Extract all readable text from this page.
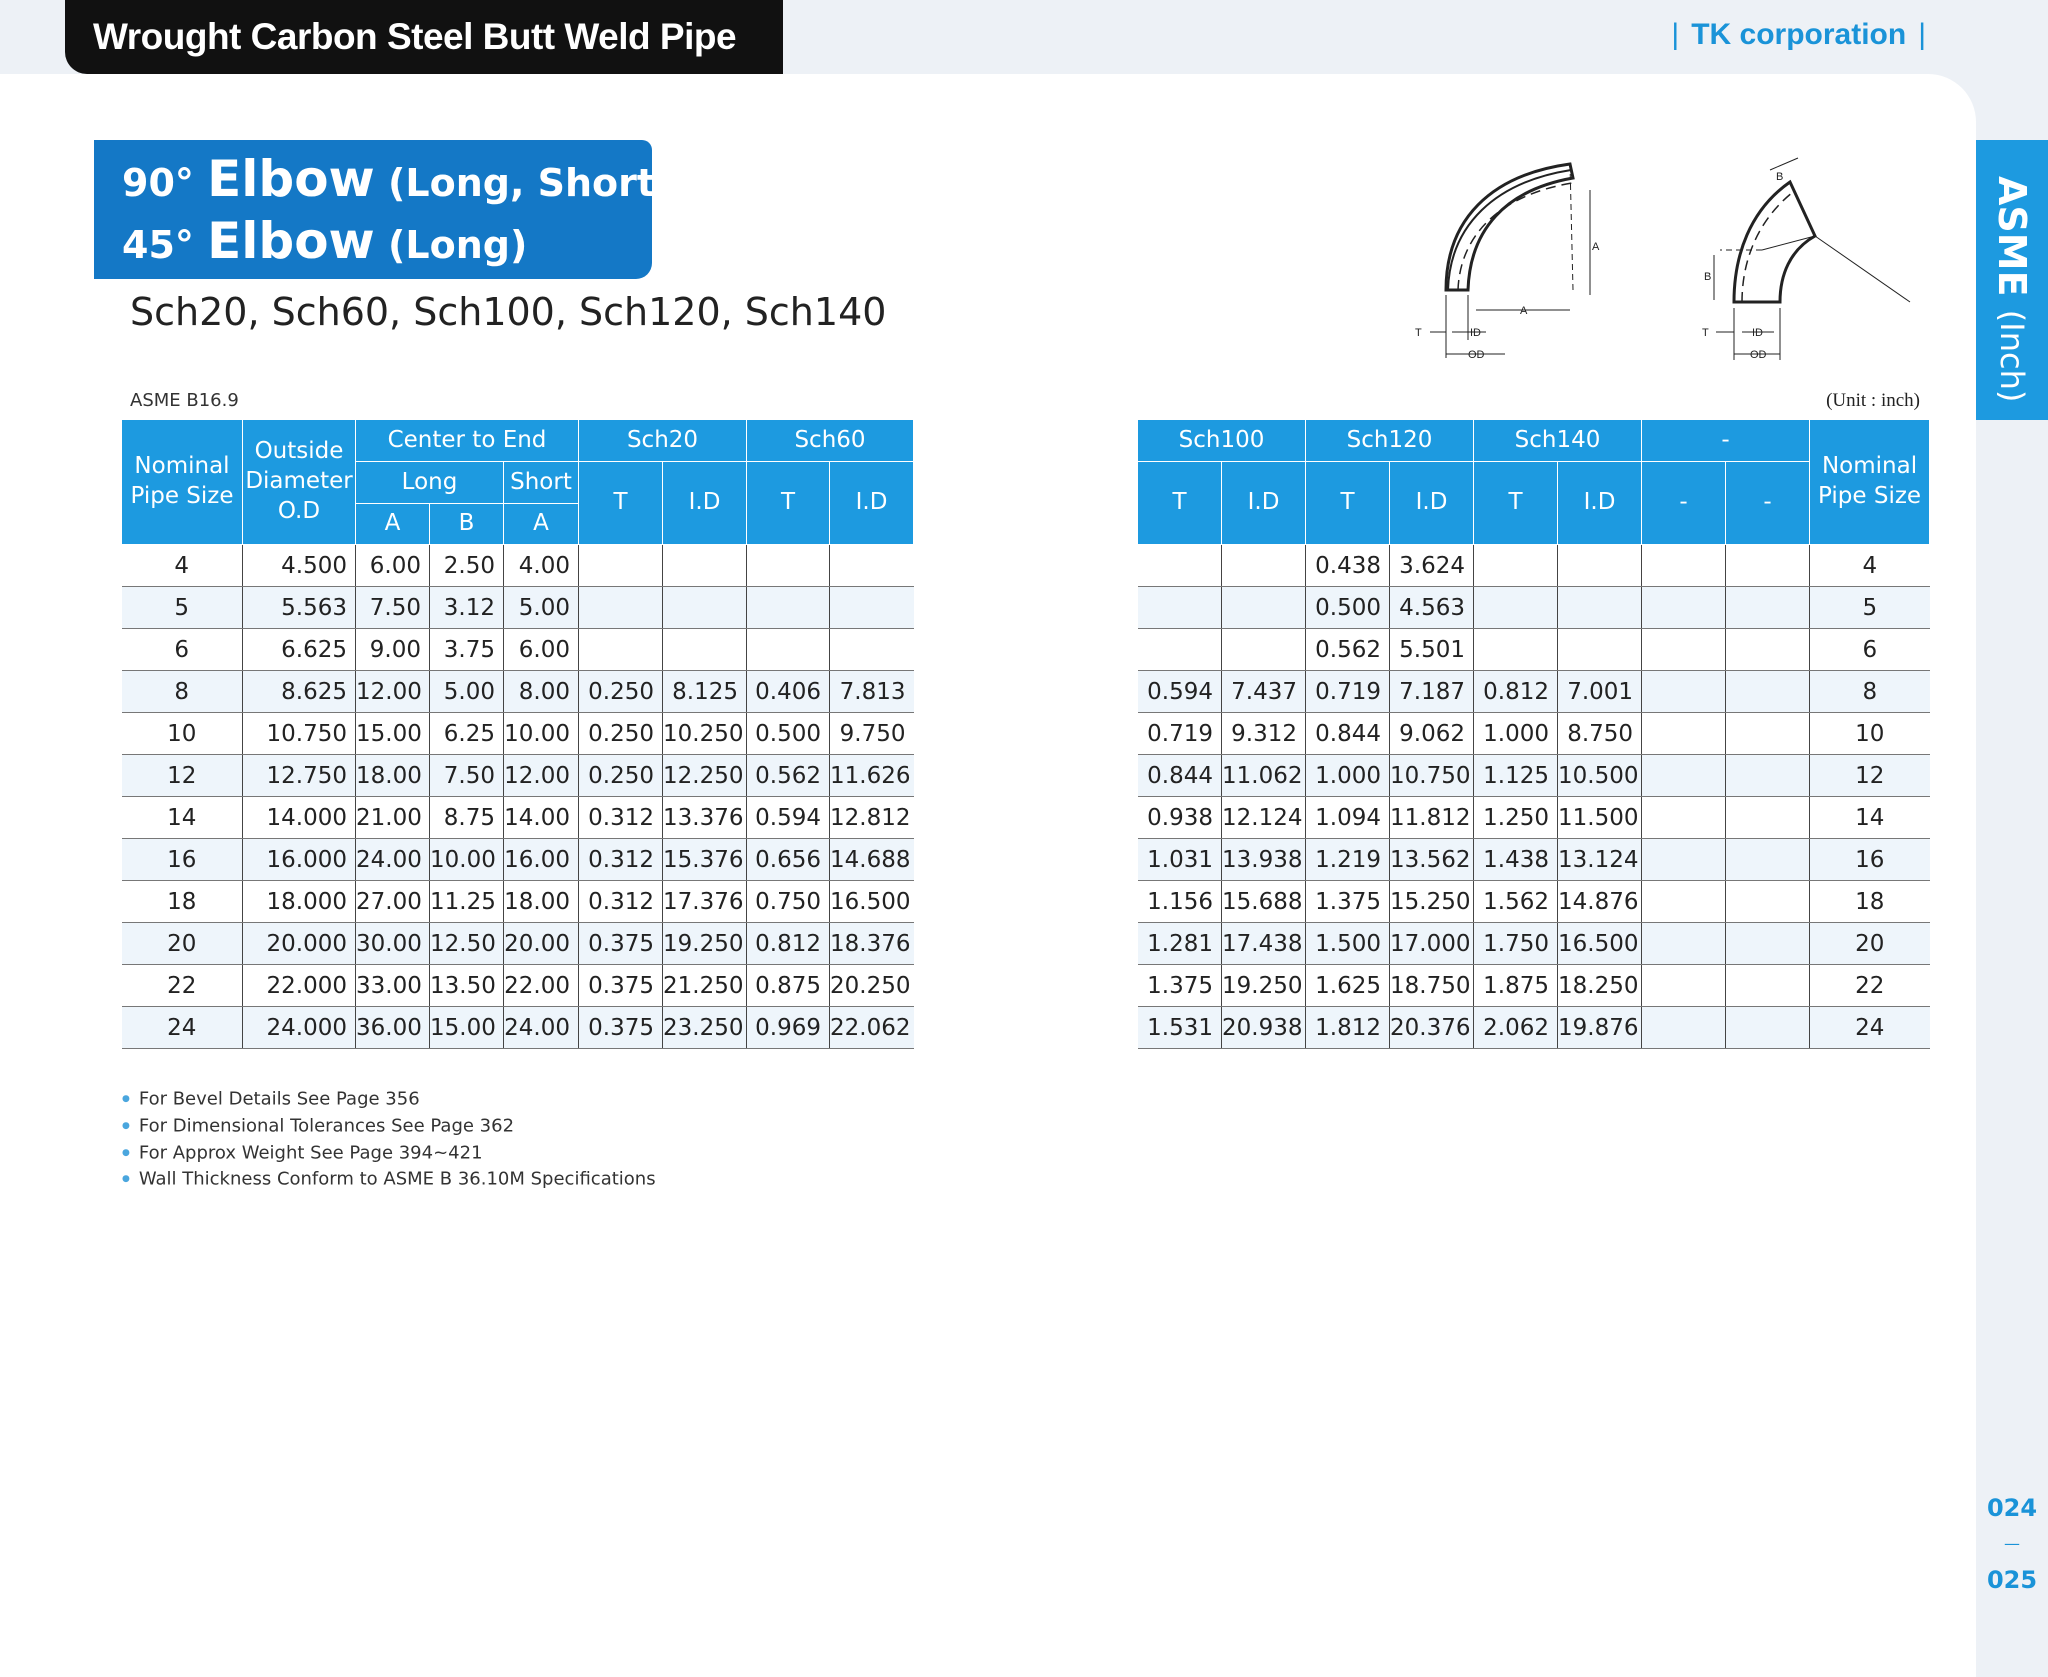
Wrought Carbon Steel Butt Weld Pipe Fittings
| TK corporation |
90° Elbow (Long, Short)
45° Elbow (Long)
Sch20, Sch60, Sch100, Sch120, Sch140
ASME B16.9	(Unit : inch)
A
A
ID
OD
T
B
B
ID
OD
T
ASME (Inch)
024
—
025
Nominal Pipe Size	Outside Diameter O.D	Center to End			Sch20		Sch60	
		Long		Short	T	I.D	T	I.D
		A	B	A				
4	4.500	6.00	2.50	4.00				
5	5.563	7.50	3.12	5.00				
6	6.625	9.00	3.75	6.00				
8	8.625	12.00	5.00	8.00	0.250	8.125	0.406	7.813
10	10.750	15.00	6.25	10.00	0.250	10.250	0.500	9.750
12	12.750	18.00	7.50	12.00	0.250	12.250	0.562	11.626
14	14.000	21.00	8.75	14.00	0.312	13.376	0.594	12.812
16	16.000	24.00	10.00	16.00	0.312	15.376	0.656	14.688
18	18.000	27.00	11.25	18.00	0.312	17.376	0.750	16.500
20	20.000	30.00	12.50	20.00	0.375	19.250	0.812	18.376
22	22.000	33.00	13.50	22.00	0.375	21.250	0.875	20.250
24	24.000	36.00	15.00	24.00	0.375	23.250	0.969	22.062
Sch100		Sch120		Sch140		-		Nominal Pipe Size
T	I.D	T	I.D	T	I.D	-	-	
		0.438	3.624					4
		0.500	4.563					5
		0.562	5.501					6
0.594	7.437	0.719	7.187	0.812	7.001			8
0.719	9.312	0.844	9.062	1.000	8.750			10
0.844	11.062	1.000	10.750	1.125	10.500			12
0.938	12.124	1.094	11.812	1.250	11.500			14
1.031	13.938	1.219	13.562	1.438	13.124			16
1.156	15.688	1.375	15.250	1.562	14.876			18
1.281	17.438	1.500	17.000	1.750	16.500			20
1.375	19.250	1.625	18.750	1.875	18.250			22
1.531	20.938	1.812	20.376	2.062	19.876			24
● For Bevel Details See Page 356
● For Dimensional Tolerances See Page 362
● For Approx Weight See Page 394~421
● Wall Thickness Conform to ASME B 36.10M Specifications
